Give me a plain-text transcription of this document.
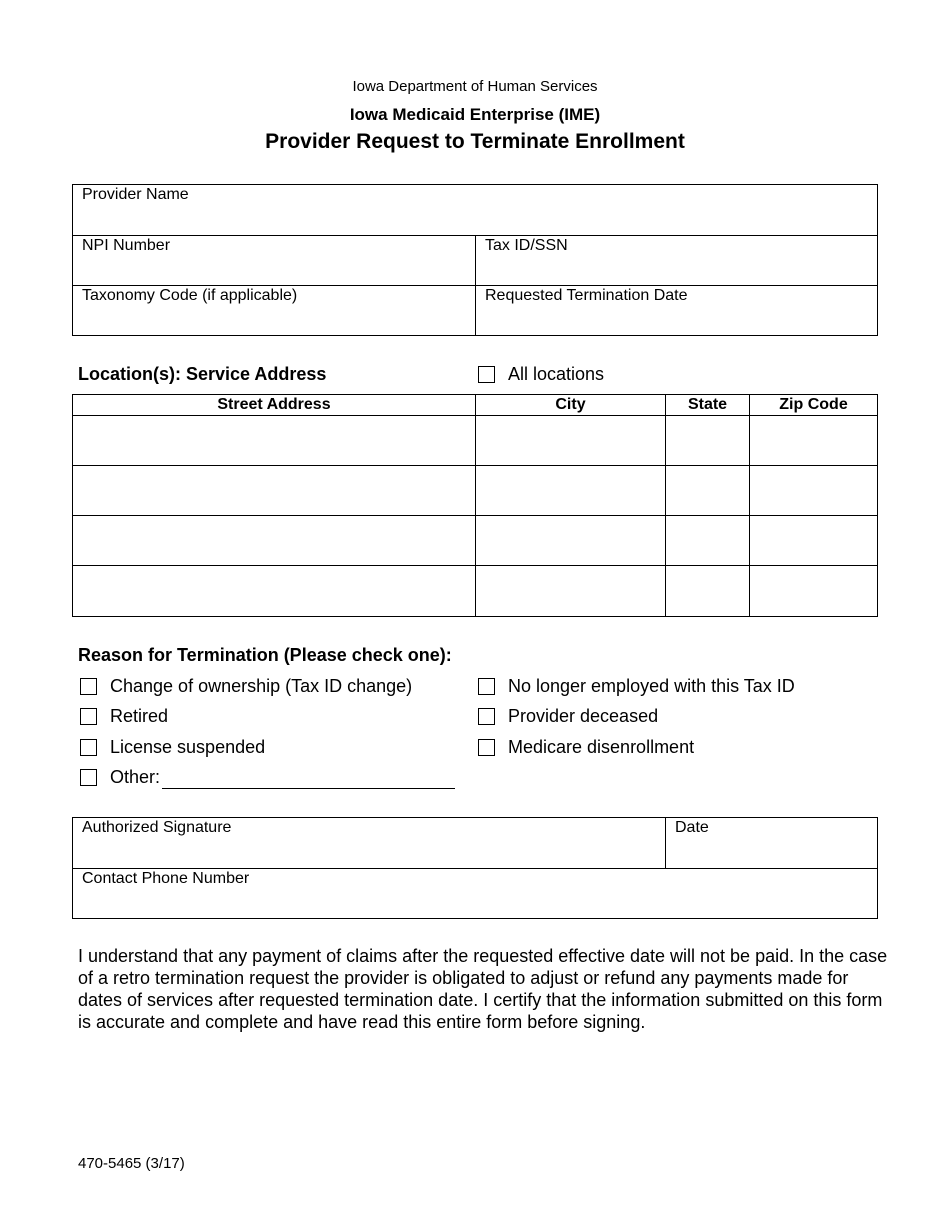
Iowa Department of Human Services
Iowa Medicaid Enterprise (IME)
Provider Request to Terminate Enrollment
Provider Name
NPI Number	Tax ID/SSN
Taxonomy Code (if applicable)	Requested Termination Date
Location(s): Service Address	All locations
Street Address	City	State	Zip Code
Reason for Termination (Please check one):
Change of ownership (Tax ID change)
Retired
License suspended
Other:
No longer employed with this Tax ID
Provider deceased
Medicare disenrollment
Authorized Signature	Date
Contact Phone Number
I understand that any payment of claims after the requested effective date will not be paid. In the case of a retro termination request the provider is obligated to adjust or refund any payments made for dates of services after requested termination date. I certify that the information submitted on this form is accurate and complete and have read this entire form before signing.
470-5465 (3/17)
